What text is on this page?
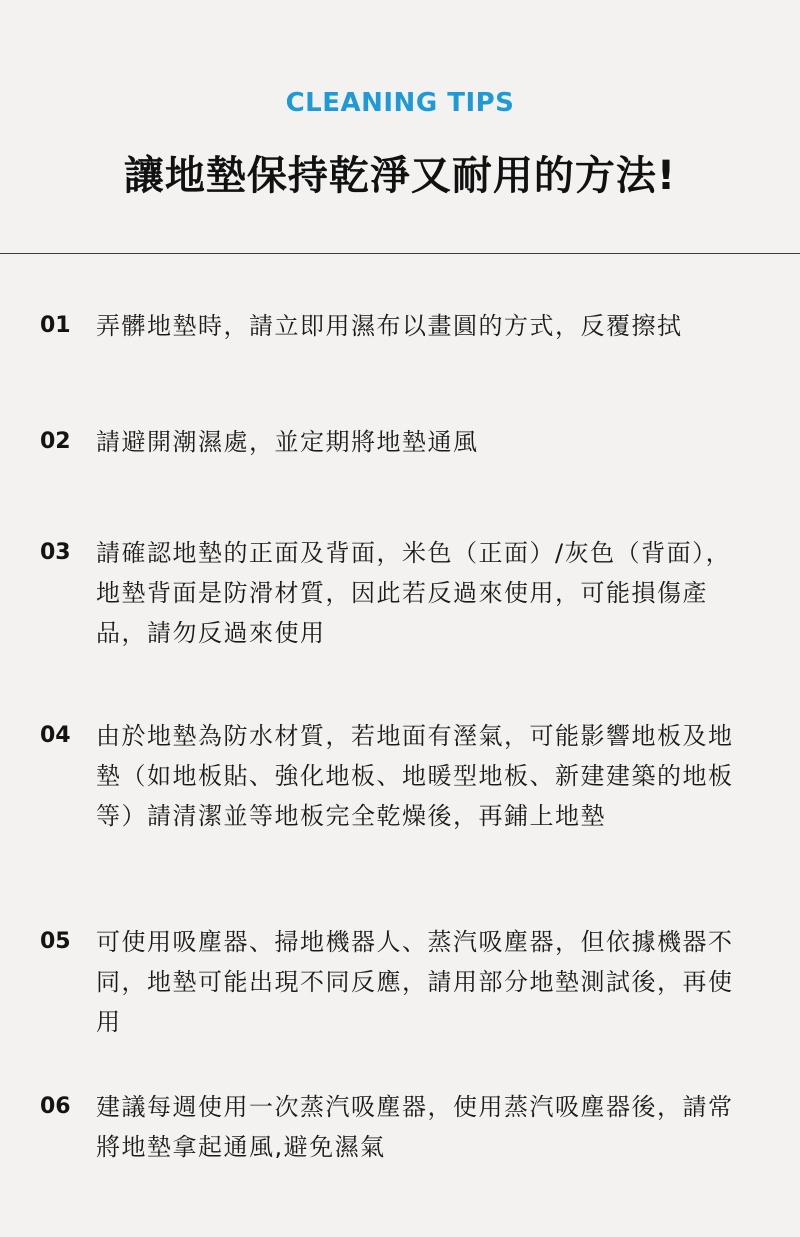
CLEANING TIPS
讓地墊保持乾淨又耐用的方法!
01 弄髒地墊時，請立即用濕布以畫圓的方式，反覆擦拭
02 請避開潮濕處，並定期將地墊通風
03 請確認地墊的正面及背面，米色（正面）/灰色（背面），地墊背面是防滑材質，因此若反過來使用，可能損傷產品，請勿反過來使用
04 由於地墊為防水材質，若地面有溼氣，可能影響地板及地墊（如地板貼、強化地板、地暖型地板、新建建築的地板等）請清潔並等地板完全乾燥後，再鋪上地墊
05 可使用吸塵器、掃地機器人、蒸汽吸塵器，但依據機器不同，地墊可能出現不同反應，請用部分地墊測試後，再使用
06 建議每週使用一次蒸汽吸塵器，使用蒸汽吸塵器後，請常將地墊拿起通風,避免濕氣
